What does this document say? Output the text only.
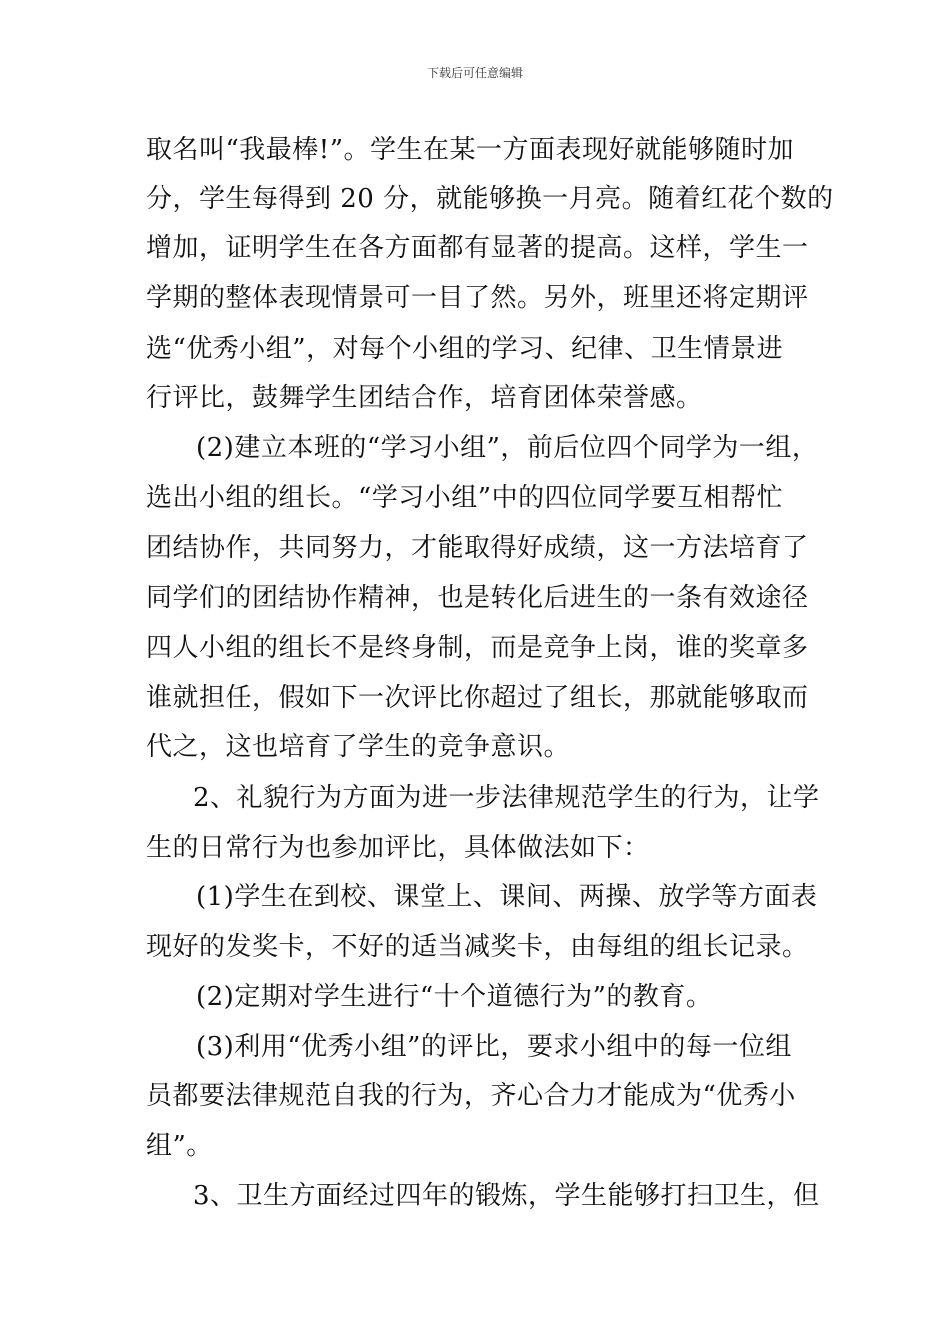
下载后可任意编辑
取名叫“我最棒!”。学生在某一方面表现好就能够随时加
分，学生每得到 20 分，就能够换一月亮。随着红花个数的
增加，证明学生在各方面都有显著的提高。这样，学生一
学期的整体表现情景可一目了然。另外，班里还将定期评
选“优秀小组”，对每个小组的学习、纪律、卫生情景进
行评比，鼓舞学生团结合作，培育团体荣誉感。
(2)建立本班的“学习小组”，前后位四个同学为一组，
选出小组的组长。“学习小组”中的四位同学要互相帮忙
团结协作，共同努力，才能取得好成绩，这一方法培育了
同学们的团结协作精神，也是转化后进生的一条有效途径
四人小组的组长不是终身制，而是竞争上岗，谁的奖章多
谁就担任，假如下一次评比你超过了组长，那就能够取而
代之，这也培育了学生的竞争意识。
2、礼貌行为方面为进一步法律规范学生的行为，让学
生的日常行为也参加评比，具体做法如下：
(1)学生在到校、课堂上、课间、两操、放学等方面表
现好的发奖卡，不好的适当减奖卡，由每组的组长记录。
(2)定期对学生进行“十个道德行为”的教育。
(3)利用“优秀小组”的评比，要求小组中的每一位组
员都要法律规范自我的行为，齐心合力才能成为“优秀小
组”。
3、卫生方面经过四年的锻炼，学生能够打扫卫生，但
